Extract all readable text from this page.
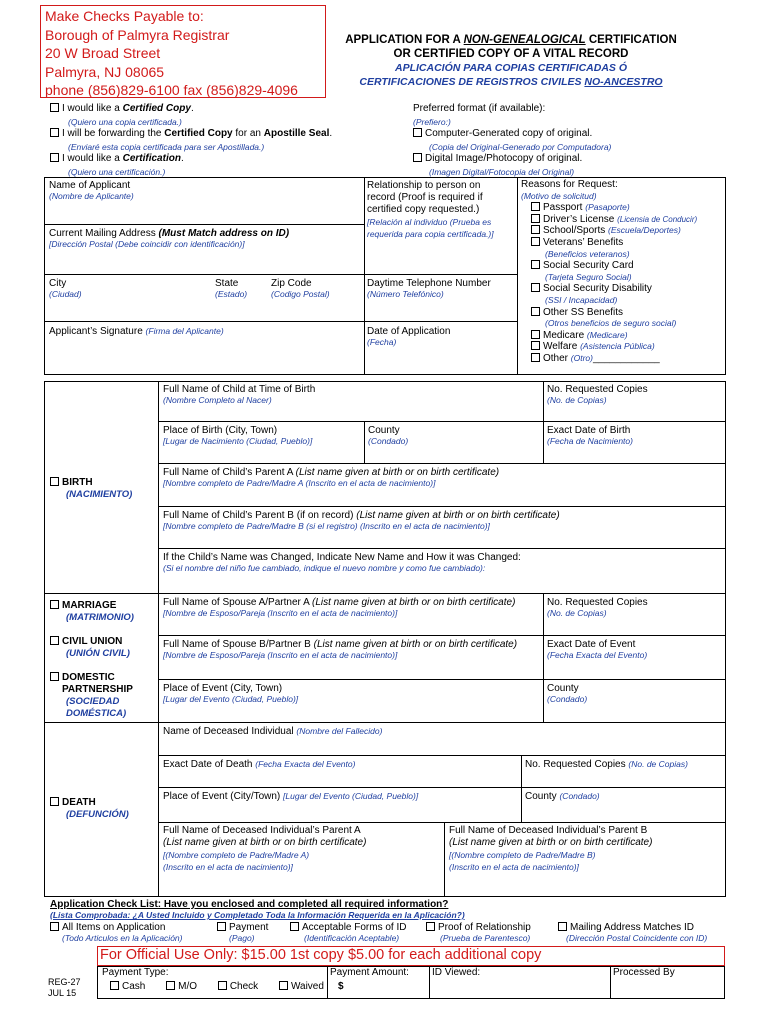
Make Checks Payable to:
Borough of Palmyra Registrar
20 W Broad Street
Palmyra, NJ 08065
phone (856)829-6100 fax (856)829-4096
APPLICATION FOR A NON-GENEALOGICAL CERTIFICATION
OR CERTIFIED COPY OF A VITAL RECORD
APLICACIÓN PARA COPIAS CERTIFICADAS Ó
CERTIFICACIONES DE REGISTROS CIVILES NO-ANCESTRO
I would like a Certified Copy.
(Quiero una copia certificada.)
I will be forwarding the Certified Copy for an Apostille Seal.
(Enviaré esta copia certificada para ser Apostillada.)
I would like a Certification.
(Quiero una certificación.)
Preferred format (if available):
(Prefiero:)
Computer-Generated copy of original.
(Copia del Original-Generado por Computadora)
Digital Image/Photocopy of original.
(Imagen Digital/Fotocopia del Original)
Name of Applicant
(Nombre de Aplicante)
Current Mailing Address (Must Match address on ID)
[Dirección Postal (Debe coincidir con identificación)]
City
(Ciudad)
State
(Estado)
Zip Code
(Codigo Postal)
Applicant’s Signature (Firma del Aplicante)
Relationship to person on
record (Proof is required if
certified copy requested.)
[Relación al individuo (Prueba es
requerida para copia certificada.)]
Daytime Telephone Number
(Número Telefónico)
Date of Application
(Fecha)
Reasons for Request:
(Motivo de solicitud)
Passport (Pasaporte)
Driver’s License (Licensia de Conducir)
School/Sports (Escuela/Deportes)
Veterans’ Benefits
(Beneficios veteranos)
Social Security Card
(Tarjeta Seguro Social)
Social Security Disability
(SSI / Incapacidad)
Other SS Benefits
(Otros beneficios de seguro social)
Medicare (Medicare)
Welfare (Asistencia Pública)
Other (Otro)____________
BIRTH
(NACIMIENTO)
Full Name of Child at Time of Birth
(Nombre Completo al Nacer)
No. Requested Copies
(No. de Copias)
Place of Birth (City, Town)
[Lugar de Nacimiento (Ciudad, Pueblo)]
County
(Condado)
Exact Date of Birth
(Fecha de Nacimiento)
Full Name of Child’s Parent A (List name given at birth or on birth certificate)
[Nombre completo de Padre/Madre A (Inscrito en el acta de nacimiento)]
Full Name of Child’s Parent B (if on record) (List name given at birth or on birth certificate)
[Nombre completo de Padre/Madre B (si el registro) (Inscrito en el acta de nacimiento)]
If the Child’s Name was Changed, Indicate New Name and How it was Changed:
(Si el nombre del niño fue cambiado, indique el nuevo nombre y como fue cambiado):
MARRIAGE
(MATRIMONIO)
CIVIL UNION
(UNIÓN CIVIL)
DOMESTIC
PARTNERSHIP
(SOCIEDAD
DOMÉSTICA)
Full Name of Spouse A/Partner A (List name given at birth or on birth certificate)
[Nombre de Esposo/Pareja (Inscrito en el acta de nacimiento)]
No. Requested Copies
(No. de Copias)
Full Name of Spouse B/Partner B (List name given at birth or on birth certificate)
[Nombre de Esposo/Pareja (Inscrito en el acta de nacimiento)]
Exact Date of Event
(Fecha Exacta del Evento)
Place of Event (City, Town)
[Lugar del Evento (Ciudad, Pueblo)]
County
(Condado)
DEATH
(DEFUNCIÓN)
Name of Deceased Individual (Nombre del Fallecido)
Exact Date of Death (Fecha Exacta del Evento)	No. Requested Copies (No. de Copias)
Place of Event (City/Town) [Lugar del Evento (Ciudad, Pueblo)]	County (Condado)
Full Name of Deceased Individual’s Parent A
(List name given at birth or on birth certificate)
[(Nombre completo de Padre/Madre A)
(Inscrito en el acta de nacimiento)]
Full Name of Deceased Individual’s Parent B
(List name given at birth or on birth certificate)
[(Nombre completo de Padre/Madre B)
(Inscrito en el acta de nacimiento)]
Application Check List: Have you enclosed and completed all required information?
(Lista Comprobada: ¿A Usted Incluido y Completado Toda la Información Requerida en la Aplicación?)
All Items on Application
(Todo Articulos en la Aplicación)
Payment
(Pago)
Acceptable Forms of ID
(Identificación Aceptable)
Proof of Relationship
(Prueba de Parentesco)
Mailing Address Matches ID
(Dirección Postal Coincidente con ID)
For Official Use Only: $15.00 1st copy $5.00 for each additional copy
REG-27
JUL 15
Payment Type:
Cash	M/O	Check	Waived
Payment Amount:
$
ID Viewed:	Processed By
